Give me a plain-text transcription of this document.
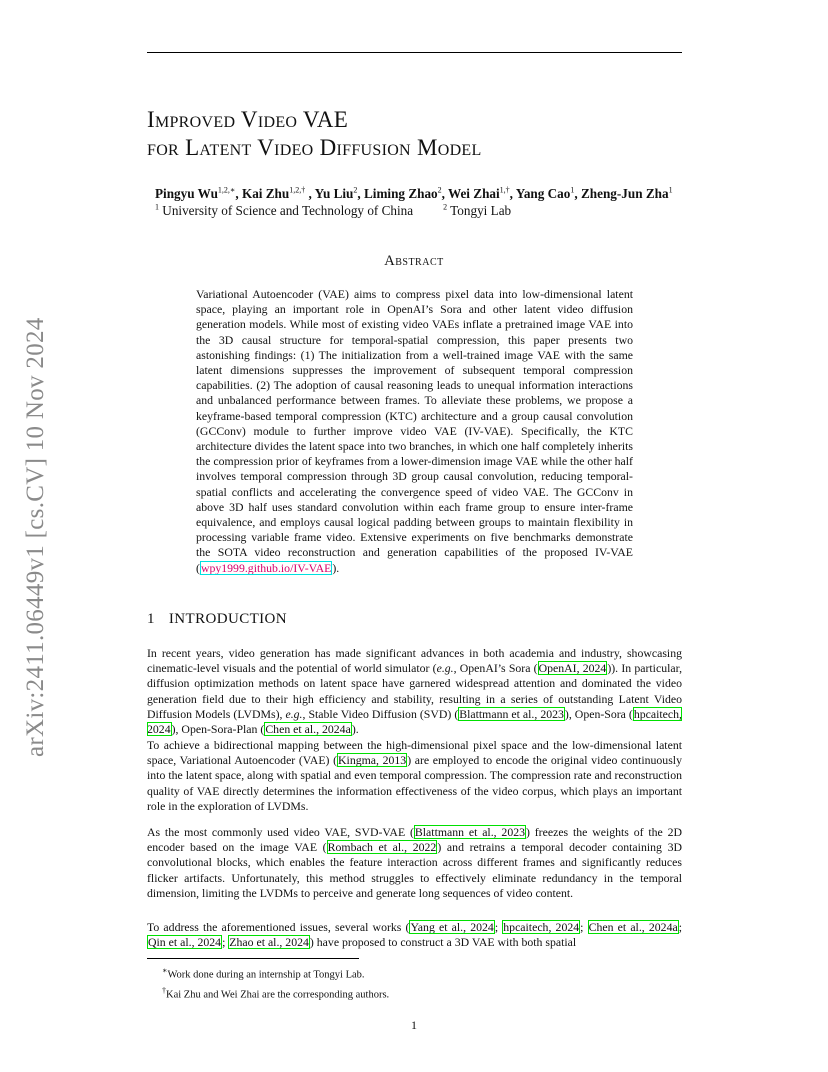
arXiv:2411.06449v1 [cs.CV] 10 Nov 2024
Improved Video VAE
for Latent Video Diffusion Model
Pingyu $Wu^{1,2,∗}$, Kai Zhu$^{1,2,\dagger}$ , Yu Liu$^2$, Liming Zhao$^2$, Wei Zhai$^{1,\dagger}$, Yang Cao$^1$, Zheng-Jun Zha$^1$
$^1$ University of Science and Technology of China	$^2$ Tongyi Lab
Abstract

Variational Autoencoder (VAE) aims to compress pixel data into low-dimensional latent space, playing an important role in OpenAI’s Sora and other latent video diffusion generation models. While most of existing video VAEs inflate a pretrained image VAE into the 3D causal structure for temporal-spatial compression, this paper presents two astonishing findings: (1) The initialization from a well-trained image VAE with the same latent dimensions suppresses the improvement of subsequent temporal compression capabilities. (2) The adoption of causal reasoning leads to unequal information interactions and unbalanced performance between frames. To alleviate these problems, we propose a keyframe-based temporal compression (KTC) architecture and a group causal convolution (GCConv) module to further improve video VAE (IV-VAE). Specifically, the KTC architecture divides the latent space into two branches, in which one half completely inherits the compression prior of keyframes from a lower-dimension image VAE while the other half involves temporal compression through 3D group causal convolution, reducing temporal-spatial conflicts and accelerating the convergence speed of video VAE. The GCConv in above 3D half uses standard convolution within each frame group to ensure inter-frame equivalence, and employs causal logical padding between groups to maintain flexibility in processing variable frame video. Extensive experiments on five benchmarks demonstrate the SOTA video reconstruction and generation capabilities of the proposed IV-VAE (wpy1999.github.io/IV-VAE).

1 INTRODUCTION

In recent years, video generation has made significant advances in both academia and industry, showcasing cinematic-level visuals and the potential of world simulator (e.g., OpenAI’s Sora (OpenAI, 2024)). In particular, diffusion optimization methods on latent space have garnered widespread attention and dominated the video generation field due to their high efficiency and stability, resulting in a series of outstanding Latent Video Diffusion Models (LVDMs), e.g., Stable Video Diffusion (SVD) (Blattmann et al., 2023), Open-Sora (hpcaitech, 2024), Open-Sora-Plan (Chen et al., 2024a).

To achieve a bidirectional mapping between the high-dimensional pixel space and the low-dimensional latent space, Variational Autoencoder (VAE) (Kingma, 2013) are employed to encode the original video continuously into the latent space, along with spatial and even temporal compression. The compression rate and reconstruction quality of VAE directly determines the information effectiveness of the video corpus, which plays an important role in the exploration of LVDMs.

As the most commonly used video VAE, SVD-VAE (Blattmann et al., 2023) freezes the weights of the 2D encoder based on the image VAE (Rombach et al., 2022) and retrains a temporal decoder containing 3D convolutional blocks, which enables the feature interaction across different frames and significantly reduces flicker artifacts. Unfortunately, this method struggles to effectively eliminate redundancy in the temporal dimension, limiting the LVDMs to perceive and generate long sequences of video content.

To address the aforementioned issues, several works (Yang et al., 2024; hpcaitech, 2024; Chen et al., 2024a; Qin et al., 2024; Zhao et al., 2024) have proposed to construct a 3D VAE with both spatial

∗Work done during an internship at Tongyi Lab.
†Kai Zhu and Wei Zhai are the corresponding authors.
1
